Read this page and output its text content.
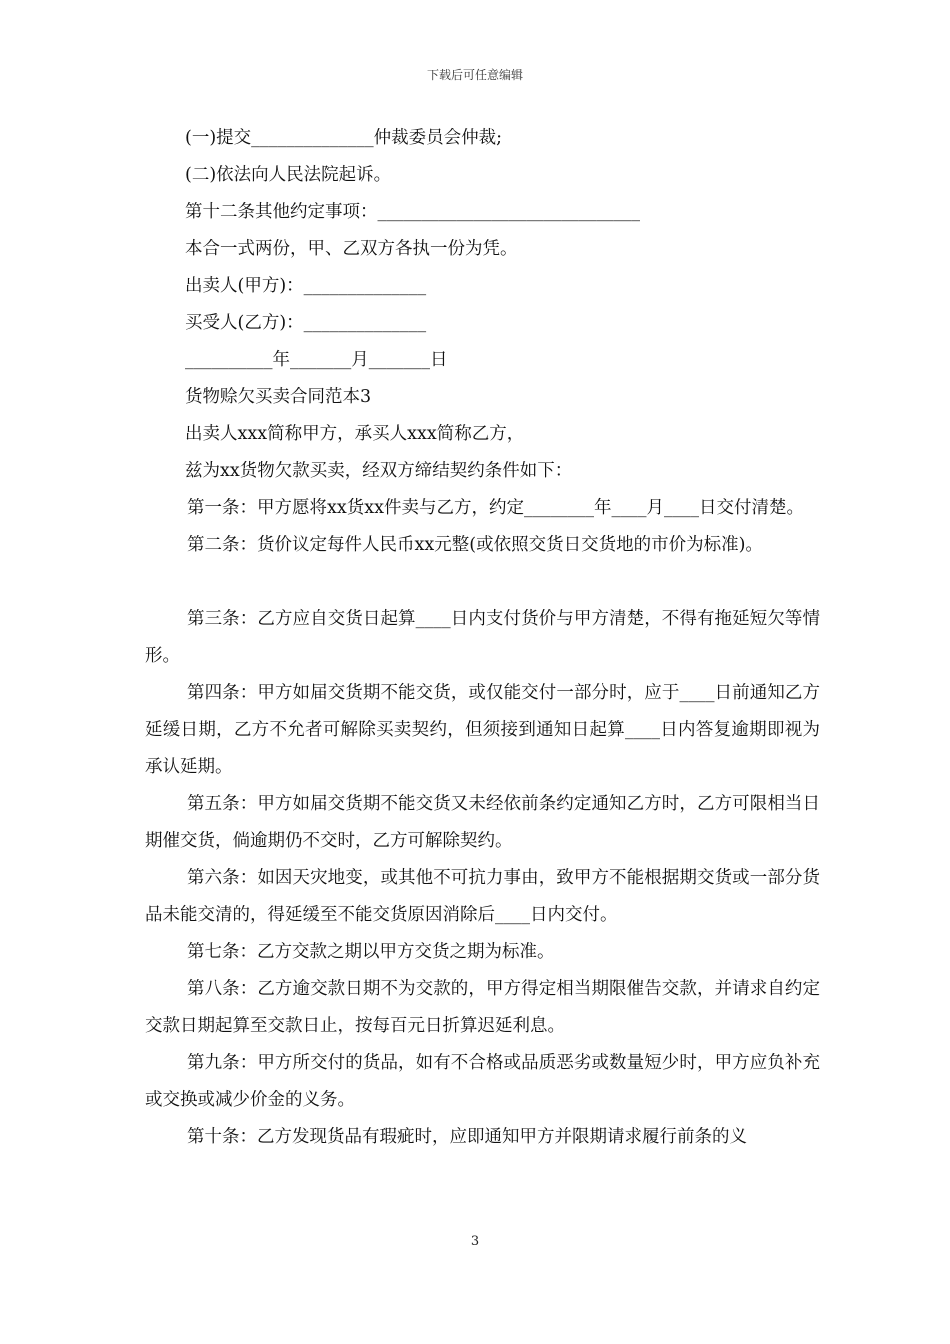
下载后可任意编辑
(一)提交______________仲裁委员会仲裁;
(二)依法向人民法院起诉。
第十二条其他约定事项：______________________________
本合一式两份，甲、乙双方各执一份为凭。
出卖人(甲方)：______________
买受人(乙方)：______________
__________年_______月_______日
货物赊欠买卖合同范本3
出卖人xxx简称甲方，承买人xxx简称乙方，
兹为xx货物欠款买卖，经双方缔结契约条件如下：
第一条：甲方愿将xx货xx件卖与乙方，约定________年____月____日交付清楚。
第二条：货价议定每件人民币xx元整(或依照交货日交货地的市价为标准)。
第三条：乙方应自交货日起算____日内支付货价与甲方清楚，不得有拖延短欠等情形。
第四条：甲方如届交货期不能交货，或仅能交付一部分时，应于____日前通知乙方延缓日期，乙方不允者可解除买卖契约，但须接到通知日起算____日内答复逾期即视为承认延期。
第五条：甲方如届交货期不能交货又未经依前条约定通知乙方时，乙方可限相当日期催交货，倘逾期仍不交时，乙方可解除契约。
第六条：如因天灾地变，或其他不可抗力事由，致甲方不能根据期交货或一部分货品未能交清的，得延缓至不能交货原因消除后____日内交付。
第七条：乙方交款之期以甲方交货之期为标准。
第八条：乙方逾交款日期不为交款的，甲方得定相当期限催告交款，并请求自约定交款日期起算至交款日止，按每百元日折算迟延利息。
第九条：甲方所交付的货品，如有不合格或品质恶劣或数量短少时，甲方应负补充或交换或减少价金的义务。
第十条：乙方发现货品有瑕疵时，应即通知甲方并限期请求履行前条的义
3
